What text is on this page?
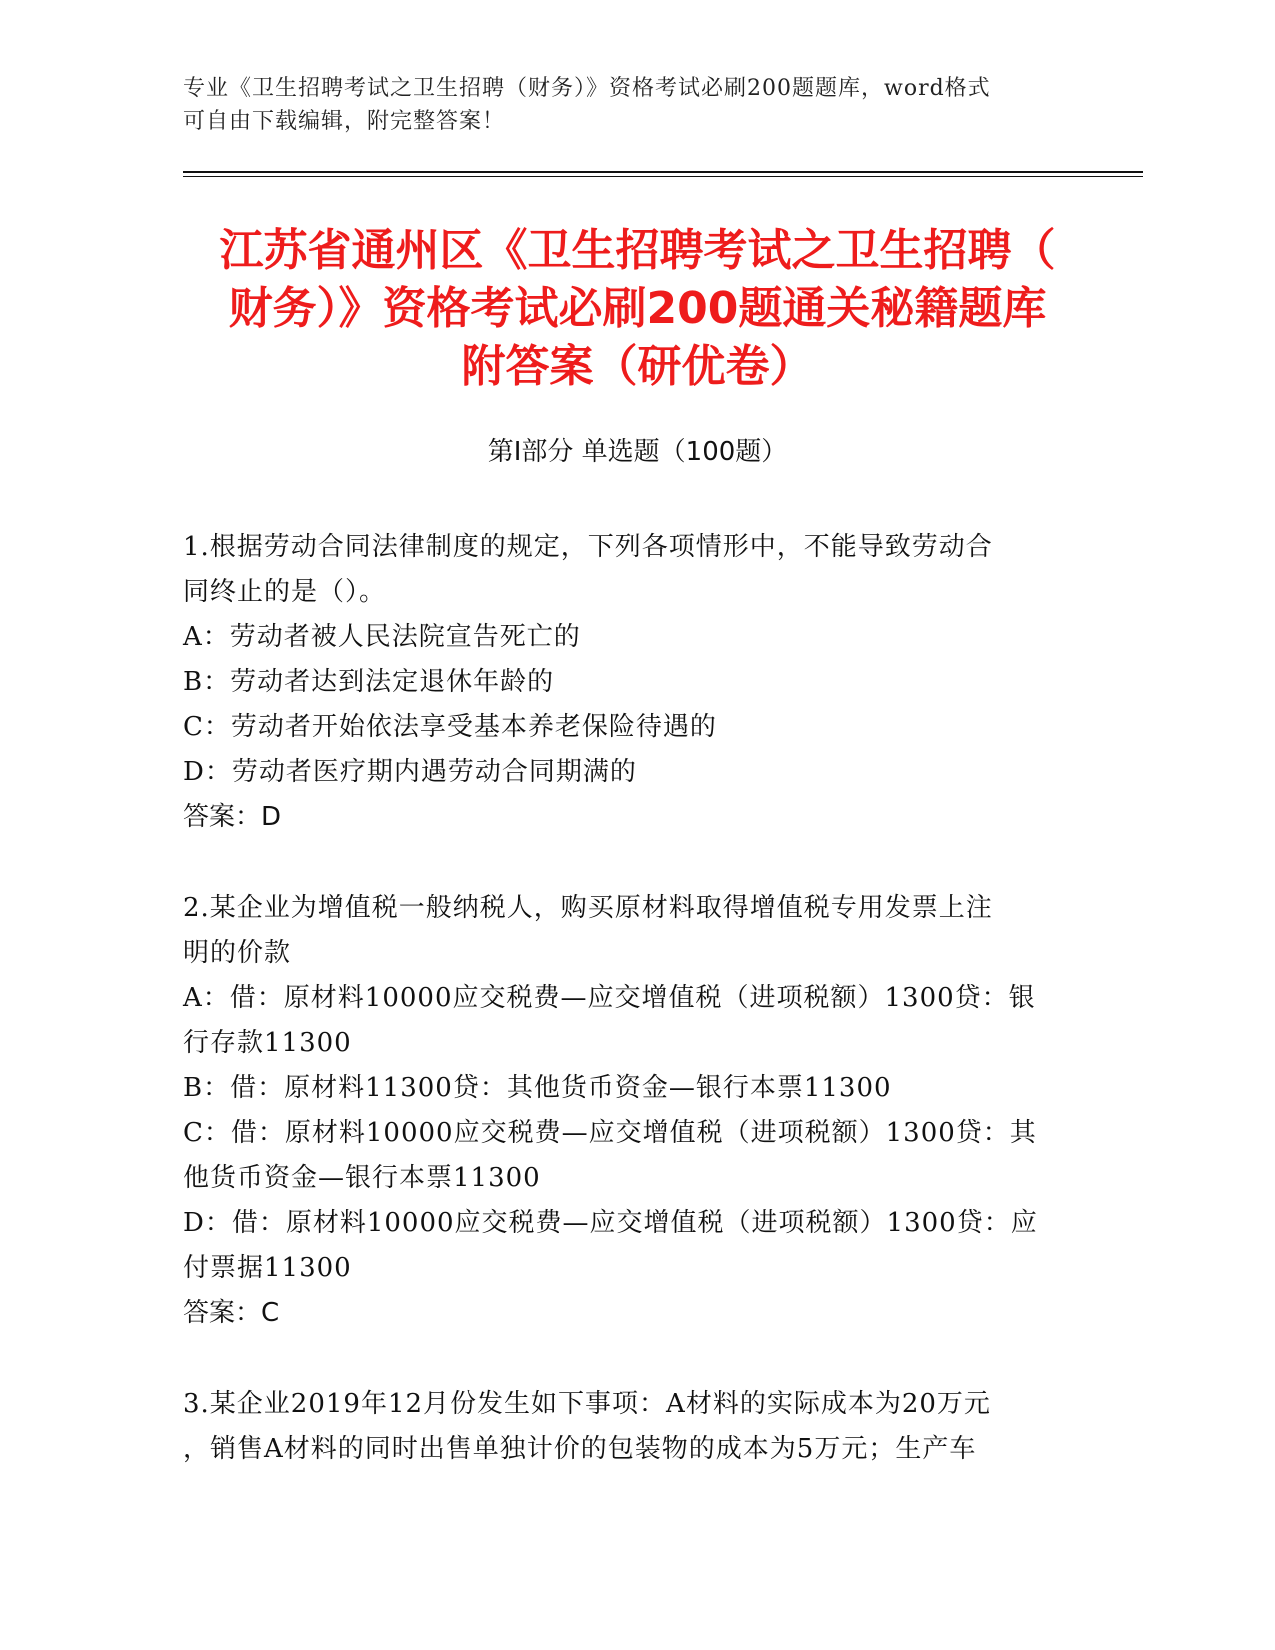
专业《卫生招聘考试之卫生招聘（财务）》资格考试必刷200题题库，word格式
可自由下载编辑，附完整答案！
江苏省通州区《卫生招聘考试之卫生招聘（
财务）》资格考试必刷200题通关秘籍题库
附答案（研优卷）
第Ⅰ部分 单选题（100题）
1.根据劳动合同法律制度的规定，下列各项情形中，不能导致劳动合
同终止的是（）。
A：劳动者被人民法院宣告死亡的
B：劳动者达到法定退休年龄的
C：劳动者开始依法享受基本养老保险待遇的
D：劳动者医疗期内遇劳动合同期满的
答案：D
2.某企业为增值税一般纳税人，购买原材料取得增值税专用发票上注
明的价款
A：借：原材料10000应交税费—应交增值税（进项税额）1300贷：银
行存款11300
B：借：原材料11300贷：其他货币资金—银行本票11300
C：借：原材料10000应交税费—应交增值税（进项税额）1300贷：其
他货币资金—银行本票11300
D：借：原材料10000应交税费—应交增值税（进项税额）1300贷：应
付票据11300
答案：C
3.某企业2019年12月份发生如下事项：A材料的实际成本为20万元
，销售A材料的同时出售单独计价的包装物的成本为5万元；生产车
